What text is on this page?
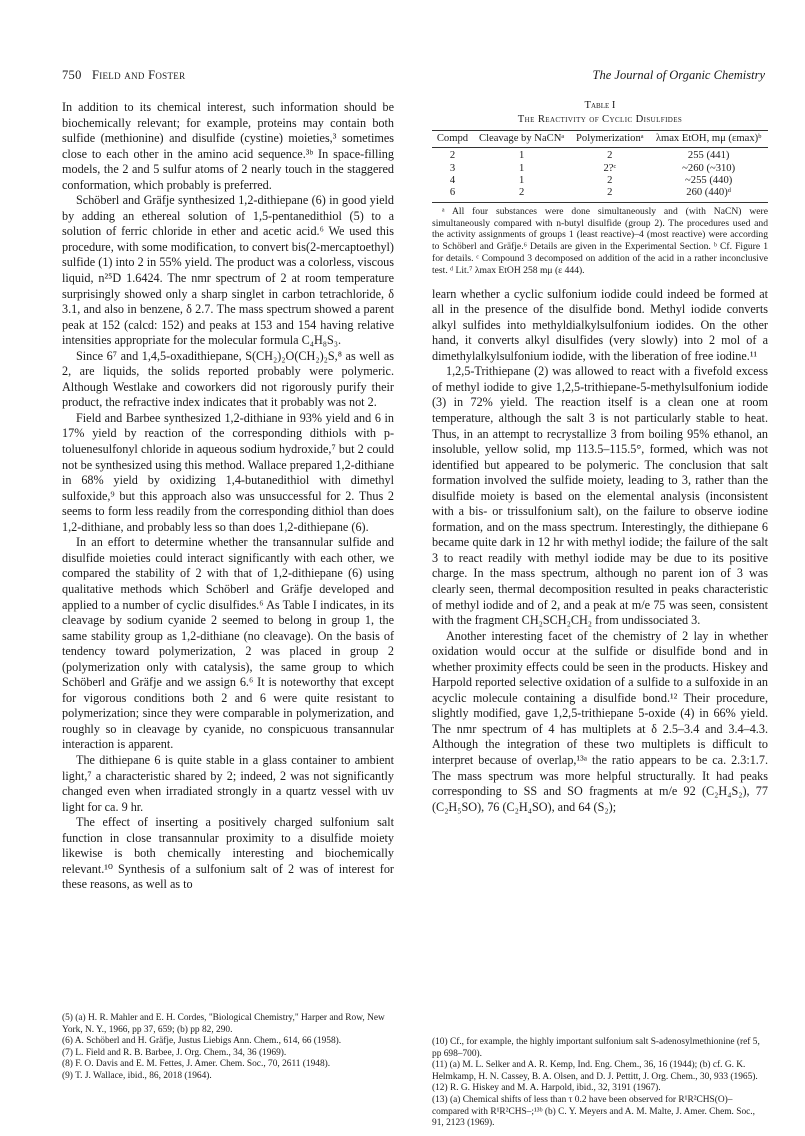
750 Field and Foster	The Journal of Organic Chemistry

In addition to its chemical interest, such information should be biochemically relevant; for example, proteins may contain both sulfide (methionine) and disulfide (cystine) moieties,³ sometimes close to each other in the amino acid sequence.³ᵇ In space-filling models, the 2 and 5 sulfur atoms of 2 nearly touch in the staggered conformation, which probably is preferred.

Schöberl and Gräfje synthesized 1,2-dithiepane (6) in good yield by adding an ethereal solution of 1,5-pentanedithiol (5) to a solution of ferric chloride in ether and acetic acid.⁶ We used this procedure, with some modification, to convert bis(2-mercaptoethyl) sulfide (1) into 2 in 55% yield. The product was a colorless, viscous liquid, n²⁵D 1.6424. The nmr spectrum of 2 at room temperature surprisingly showed only a sharp singlet in carbon tetrachloride, δ 3.1, and also in benzene, δ 2.7. The mass spectrum showed a parent peak at 152 (calcd: 152) and peaks at 153 and 154 having relative intensities appropriate for the molecular formula C₄H₈S₃.

Since 6⁷ and 1,4,5-oxadithiepane, S(CH₂)₂O(CH₂)₂S,⁸ as well as 2, are liquids, the solids reported probably were polymeric. Although Westlake and coworkers did not rigorously purify their product, the refractive index indicates that it probably was not 2.

Field and Barbee synthesized 1,2-dithiane in 93% yield and 6 in 17% yield by reaction of the corresponding dithiols with p-toluenesulfonyl chloride in aqueous sodium hydroxide,⁷ but 2 could not be synthesized using this method. Wallace prepared 1,2-dithiane in 68% yield by oxidizing 1,4-butanedithiol with dimethyl sulfoxide,⁹ but this approach also was unsuccessful for 2. Thus 2 seems to form less readily from the corresponding dithiol than does 1,2-dithiane, and probably less so than does 1,2-dithiepane (6).

In an effort to determine whether the transannular sulfide and disulfide moieties could interact significantly with each other, we compared the stability of 2 with that of 1,2-dithiepane (6) using qualitative methods which Schöberl and Gräfje developed and applied to a number of cyclic disulfides.⁶ As Table I indicates, in its cleavage by sodium cyanide 2 seemed to belong in group 1, the same stability group as 1,2-dithiane (no cleavage). On the basis of tendency toward polymerization, 2 was placed in group 2 (polymerization only with catalysis), the same group to which Schöberl and Gräfje and we assign 6.⁶ It is noteworthy that except for vigorous conditions both 2 and 6 were quite resistant to polymerization; since they were comparable in polymerization, and roughly so in cleavage by cyanide, no conspicuous transannular interaction is apparent.

The dithiepane 6 is quite stable in a glass container to ambient light,⁷ a characteristic shared by 2; indeed, 2 was not significantly changed even when irradiated strongly in a quartz vessel with uv light for ca. 9 hr.

The effect of inserting a positively charged sulfonium salt function in close transannular proximity to a disulfide moiety likewise is both chemically interesting and biochemically relevant.¹⁰ Synthesis of a sulfonium salt of 2 was of interest for these reasons, as well as to

(5) (a) H. R. Mahler and E. H. Cordes, "Biological Chemistry," Harper and Row, New York, N. Y., 1966, pp 37, 659; (b) pp 82, 290.
(6) A. Schöberl and H. Gräfje, Justus Liebigs Ann. Chem., 614, 66 (1958).
(7) L. Field and R. B. Barbee, J. Org. Chem., 34, 36 (1969).
(8) F. O. Davis and E. M. Fettes, J. Amer. Chem. Soc., 70, 2611 (1948).
(9) T. J. Wallace, ibid., 86, 2018 (1964).
Table I
The Reactivity of Cyclic Disulfides
Compd	Cleavage by NaCNᵃ	Polymerizationᵃ	λmax EtOH, mμ (εmax)ᵇ

2	1	2	255 (441)
3	1	2?ᶜ	~260 (~310)
4	1	2	~255 (440)
6	2	2	260 (440)ᵈ

ᵃ All four substances were done simultaneously and (with NaCN) were simultaneously compared with n-butyl disulfide (group 2). The procedures used and the activity assignments of groups 1 (least reactive)–4 (most reactive) were according to Schöberl and Gräfje.⁶ Details are given in the Experimental Section. ᵇ Cf. Figure 1 for details. ᶜ Compound 3 decomposed on addition of the acid in a rather inconclusive test. ᵈ Lit.⁷ λmax EtOH 258 mμ (ε 444).

learn whether a cyclic sulfonium iodide could indeed be formed at all in the presence of the disulfide bond. Methyl iodide converts alkyl sulfides into methyldialkylsulfonium iodides. On the other hand, it converts alkyl disulfides (very slowly) into 2 mol of a dimethylalkylsulfonium iodide, with the liberation of free iodine.¹¹

1,2,5-Trithiepane (2) was allowed to react with a fivefold excess of methyl iodide to give 1,2,5-trithiepane-5-methylsulfonium iodide (3) in 72% yield. The reaction itself is a clean one at room temperature, although the salt 3 is not particularly stable to heat. Thus, in an attempt to recrystallize 3 from boiling 95% ethanol, an insoluble, yellow solid, mp 113.5–115.5°, formed, which was not identified but appeared to be polymeric. The conclusion that salt formation involved the sulfide moiety, leading to 3, rather than the disulfide moiety is based on the elemental analysis (inconsistent with a bis- or trissulfonium salt), on the failure to observe iodine formation, and on the mass spectrum. Interestingly, the dithiepane 6 became quite dark in 12 hr with methyl iodide; the failure of the salt 3 to react readily with methyl iodide may be due to its positive charge. In the mass spectrum, although no parent ion of 3 was clearly seen, thermal decomposition resulted in peaks characteristic of methyl iodide and of 2, and a peak at m/e 75 was seen, consistent with the fragment CH₂SCH₂CH₂ from undissociated 3.

Another interesting facet of the chemistry of 2 lay in whether oxidation would occur at the sulfide or disulfide bond and in whether proximity effects could be seen in the products. Hiskey and Harpold reported selective oxidation of a sulfide to a sulfoxide in an acyclic molecule containing a disulfide bond.¹² Their procedure, slightly modified, gave 1,2,5-trithiepane 5-oxide (4) in 66% yield. The nmr spectrum of 4 has multiplets at δ 2.5–3.4 and 3.4–4.3. Although the integration of these two multiplets is difficult to interpret because of overlap,¹³ᵃ the ratio appears to be ca. 2.3:1.7. The mass spectrum was more helpful structurally. It had peaks corresponding to SS and SO fragments at m/e 92 (C₂H₄S₂), 77 (C₂H₅SO), 76 (C₂H₄SO), and 64 (S₂);

(10) Cf., for example, the highly important sulfonium salt S-adenosylmethionine (ref 5, pp 698–700).
(11) (a) M. L. Selker and A. R. Kemp, Ind. Eng. Chem., 36, 16 (1944); (b) cf. G. K. Helmkamp, H. N. Cassey, B. A. Olsen, and D. J. Pettitt, J. Org. Chem., 30, 933 (1965).
(12) R. G. Hiskey and M. A. Harpold, ibid., 32, 3191 (1967).
(13) (a) Chemical shifts of less than τ 0.2 have been observed for R¹R²CHS(O)– compared with R¹R²CHS–;¹³ᵇ (b) C. Y. Meyers and A. M. Malte, J. Amer. Chem. Soc., 91, 2123 (1969).
